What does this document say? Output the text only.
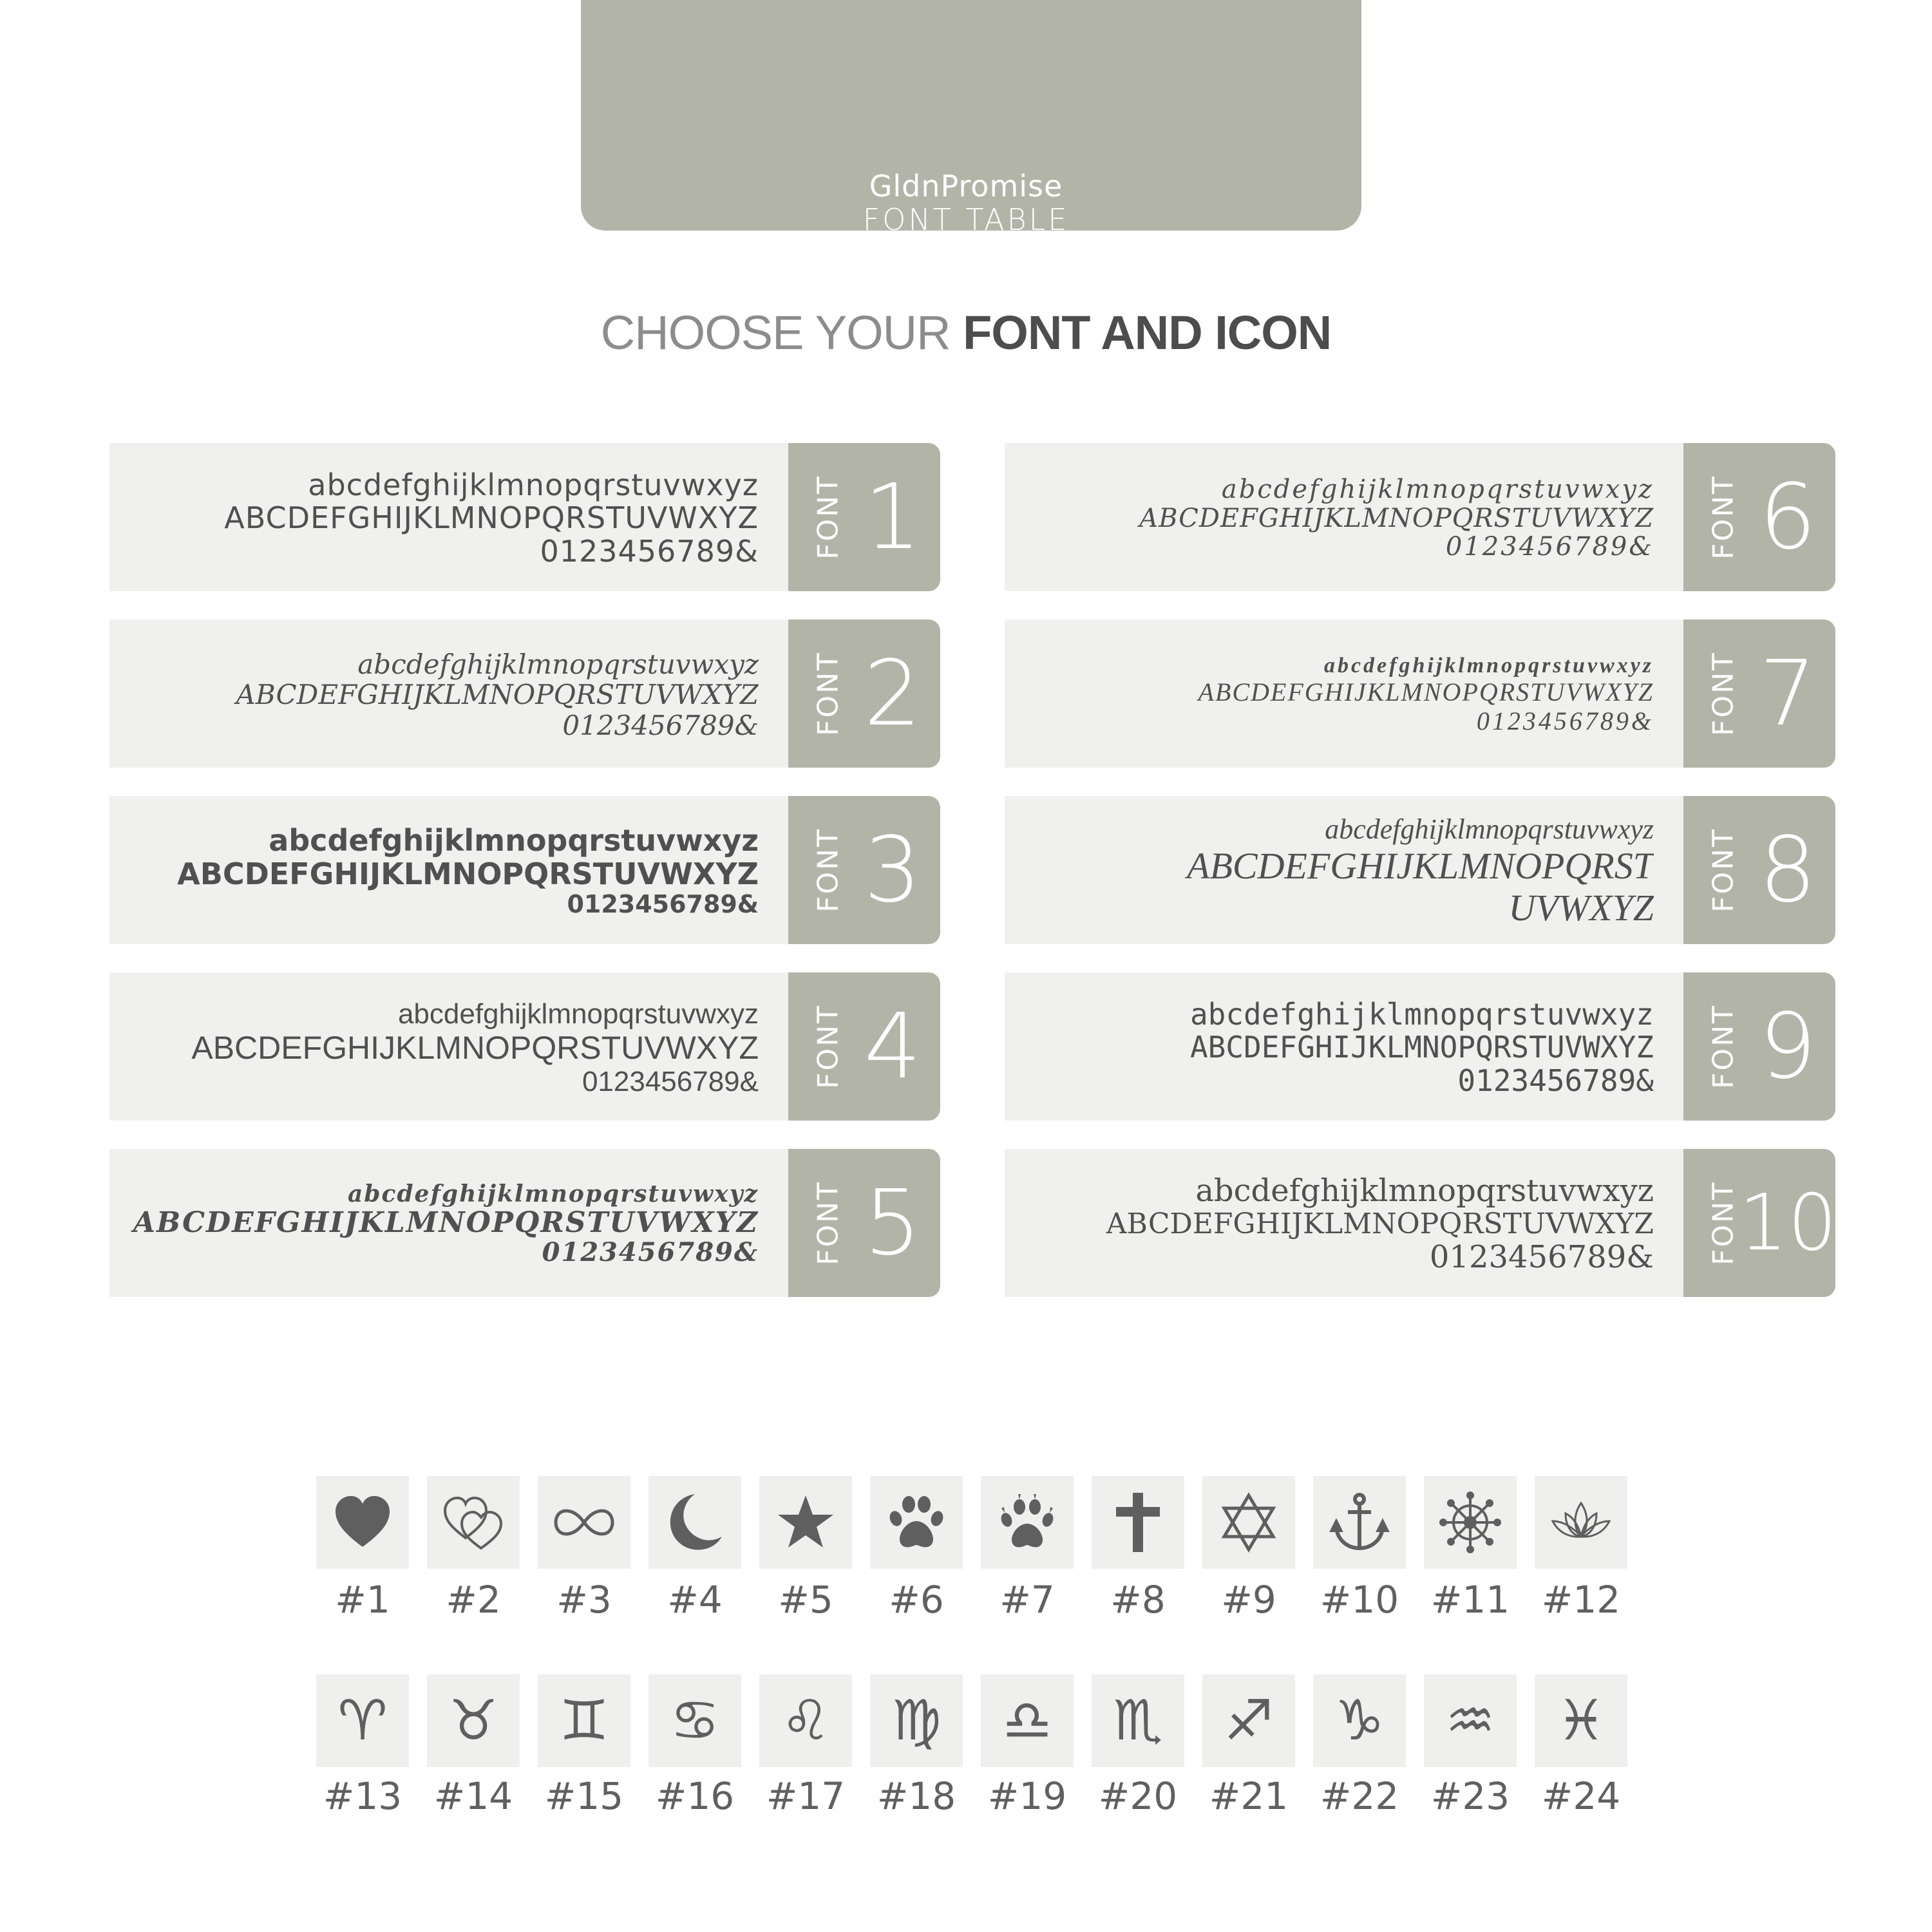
GldnPromise
FONT TABLE
CHOOSE YOUR FONT AND ICON
abcdefghijklmnopqrstuvwxyz
ABCDEFGHIJKLMNOPQRSTUVWXYZ
0123456789& FONT 1
abcdefghijklmnopqrstuvwxyz
ABCDEFGHIJKLMNOPQRSTUVWXYZ
0123456789& FONT 2
abcdefghijklmnopqrstuvwxyz
ABCDEFGHIJKLMNOPQRSTUVWXYZ
0123456789& FONT 3
abcdefghijklmnopqrstuvwxyz
ABCDEFGHIJKLMNOPQRSTUVWXYZ
0123456789& FONT 4
abcdefghijklmnopqrstuvwxyz
ABCDEFGHIJKLMNOPQRSTUVWXYZ
0123456789& FONT 5
abcdefghijklmnopqrstuvwxyz
ABCDEFGHIJKLMNOPQRSTUVWXYZ
0123456789& FONT 6
abcdefghijklmnopqrstuvwxyz
ABCDEFGHIJKLMNOPQRSTUVWXYZ
0123456789& FONT 7
abcdefghijklmnopqrstuvwxyz
ABCDEFGHIJKLMNOPQRST
UVWXYZ FONT 8
abcdefghijklmnopqrstuvwxyz
ABCDEFGHIJKLMNOPQRSTUVWXYZ
0123456789& FONT 9
abcdefghijklmnopqrstuvwxyz
ABCDEFGHIJKLMNOPQRSTUVWXYZ
0123456789& FONT
10
#1	#2	#3	#4	#5	#6	#7	#8	#9	#10 #11 #12
♈ ♉ ♊ ♋ ♌ ♍ ♎ ♏ ♐ ♑ ♒ ♓
#13 #14 #15 #16 #17 #18 #19 #20 #21 #22 #23 #24
